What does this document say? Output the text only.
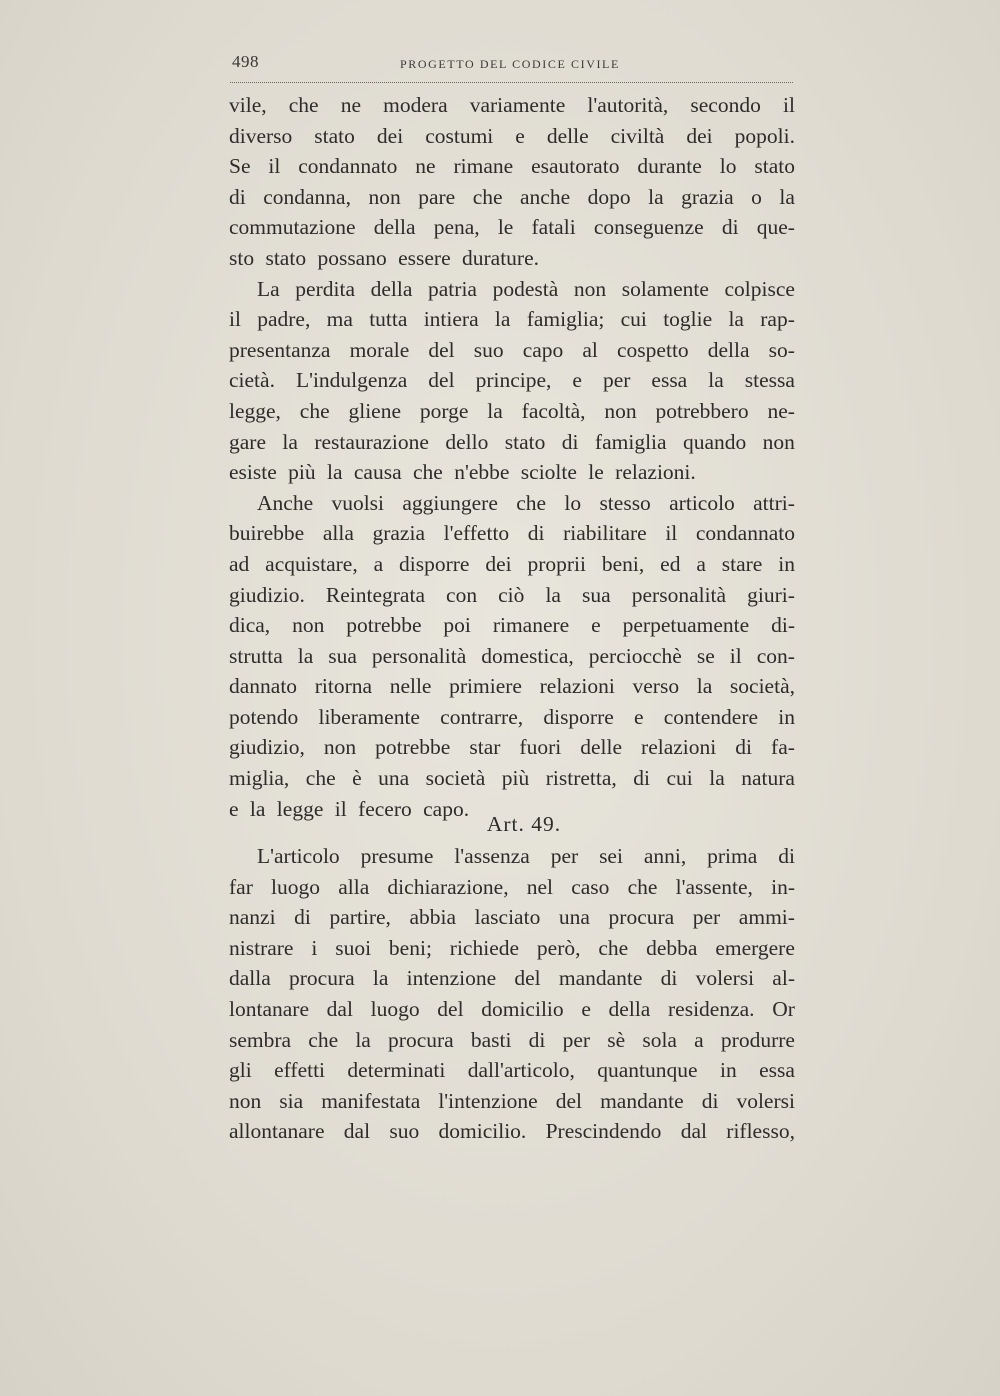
498	PROGETTO DEL CODICE CIVILE
vile, che ne modera variamente l'autorità, secondo il
diverso stato dei costumi e delle civiltà dei popoli.
Se il condannato ne rimane esautorato durante lo stato
di condanna, non pare che anche dopo la grazia o la
commutazione della pena, le fatali conseguenze di que-
sto stato possano essere durature.
La perdita della patria podestà non solamente colpisce
il padre, ma tutta intiera la famiglia; cui toglie la rap-
presentanza morale del suo capo al cospetto della so-
cietà. L'indulgenza del principe, e per essa la stessa
legge, che gliene porge la facoltà, non potrebbero ne-
gare la restaurazione dello stato di famiglia quando non
esiste più la causa che n'ebbe sciolte le relazioni.
Anche vuolsi aggiungere che lo stesso articolo attri-
buirebbe alla grazia l'effetto di riabilitare il condannato
ad acquistare, a disporre dei proprii beni, ed a stare in
giudizio. Reintegrata con ciò la sua personalità giuri-
dica, non potrebbe poi rimanere e perpetuamente di-
strutta la sua personalità domestica, perciocchè se il con-
dannato ritorna nelle primiere relazioni verso la società,
potendo liberamente contrarre, disporre e contendere in
giudizio, non potrebbe star fuori delle relazioni di fa-
miglia, che è una società più ristretta, di cui la natura
e la legge il fecero capo.
Art. 49.
L'articolo presume l'assenza per sei anni, prima di
far luogo alla dichiarazione, nel caso che l'assente, in-
nanzi di partire, abbia lasciato una procura per ammi-
nistrare i suoi beni; richiede però, che debba emergere
dalla procura la intenzione del mandante di volersi al-
lontanare dal luogo del domicilio e della residenza. Or
sembra che la procura basti di per sè sola a produrre
gli effetti determinati dall'articolo, quantunque in essa
non sia manifestata l'intenzione del mandante di volersi
allontanare dal suo domicilio. Prescindendo dal riflesso,
